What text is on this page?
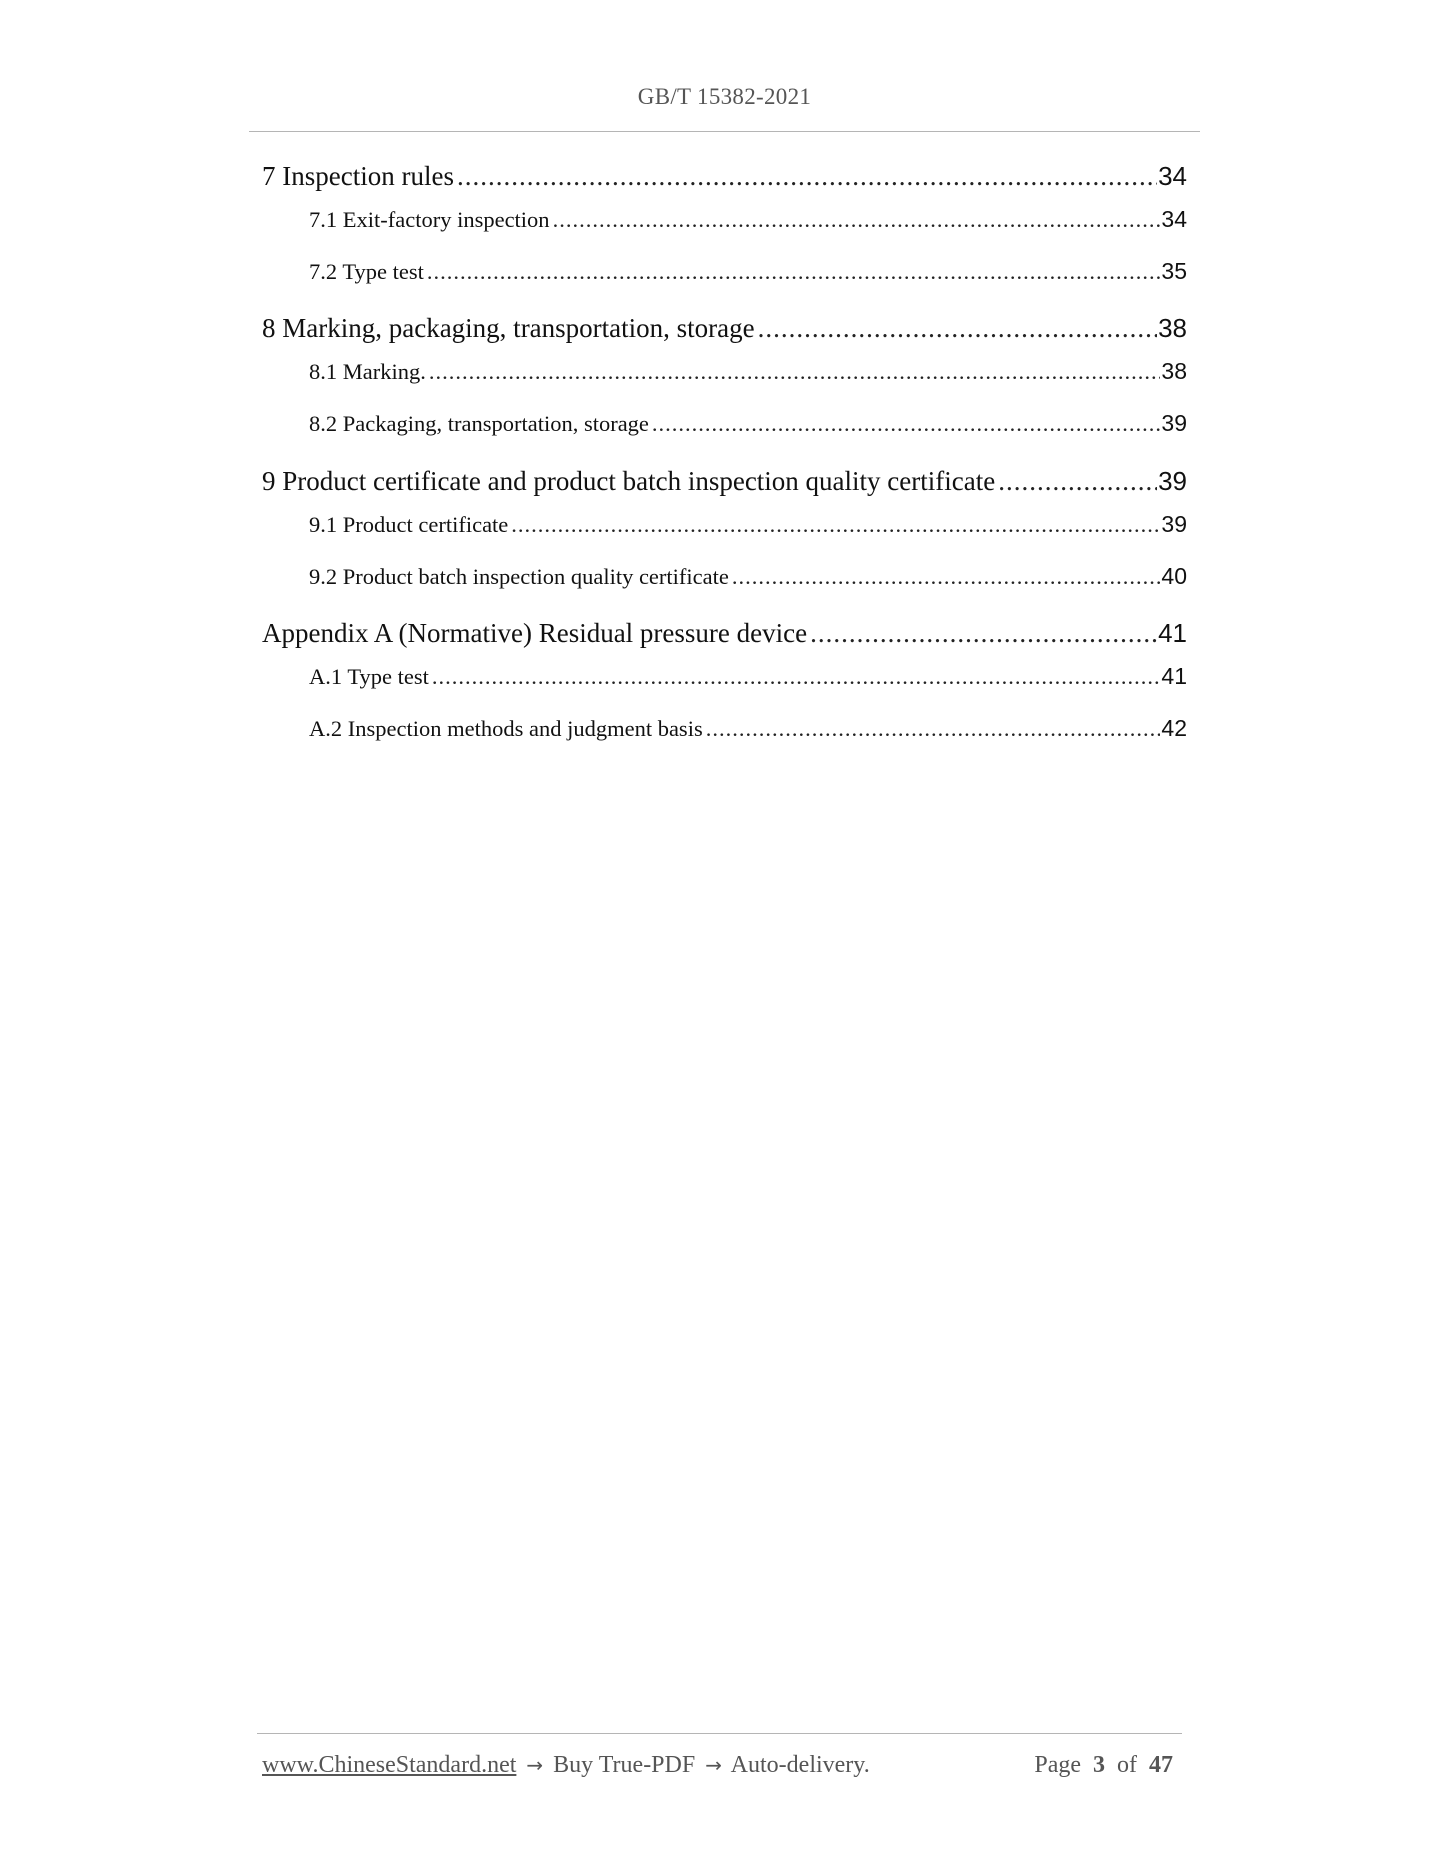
GB/T 15382-2021
7 Inspection rules .....	34
7.1 Exit-factory inspection .....	34
7.2 Type test .....	35
8 Marking, packaging, transportation, storage .....	38
8.1 Marking. .....	38
8.2 Packaging, transportation, storage .....	39
9 Product certificate and product batch inspection quality certificate .....	39
9.1 Product certificate .....	39
9.2 Product batch inspection quality certificate .....	40
Appendix A (Normative) Residual pressure device .....	41
A.1 Type test .....	41
A.2 Inspection methods and judgment basis .....	42
www.ChineseStandard.net → Buy True-PDF → Auto-delivery.	Page 3 of 47
